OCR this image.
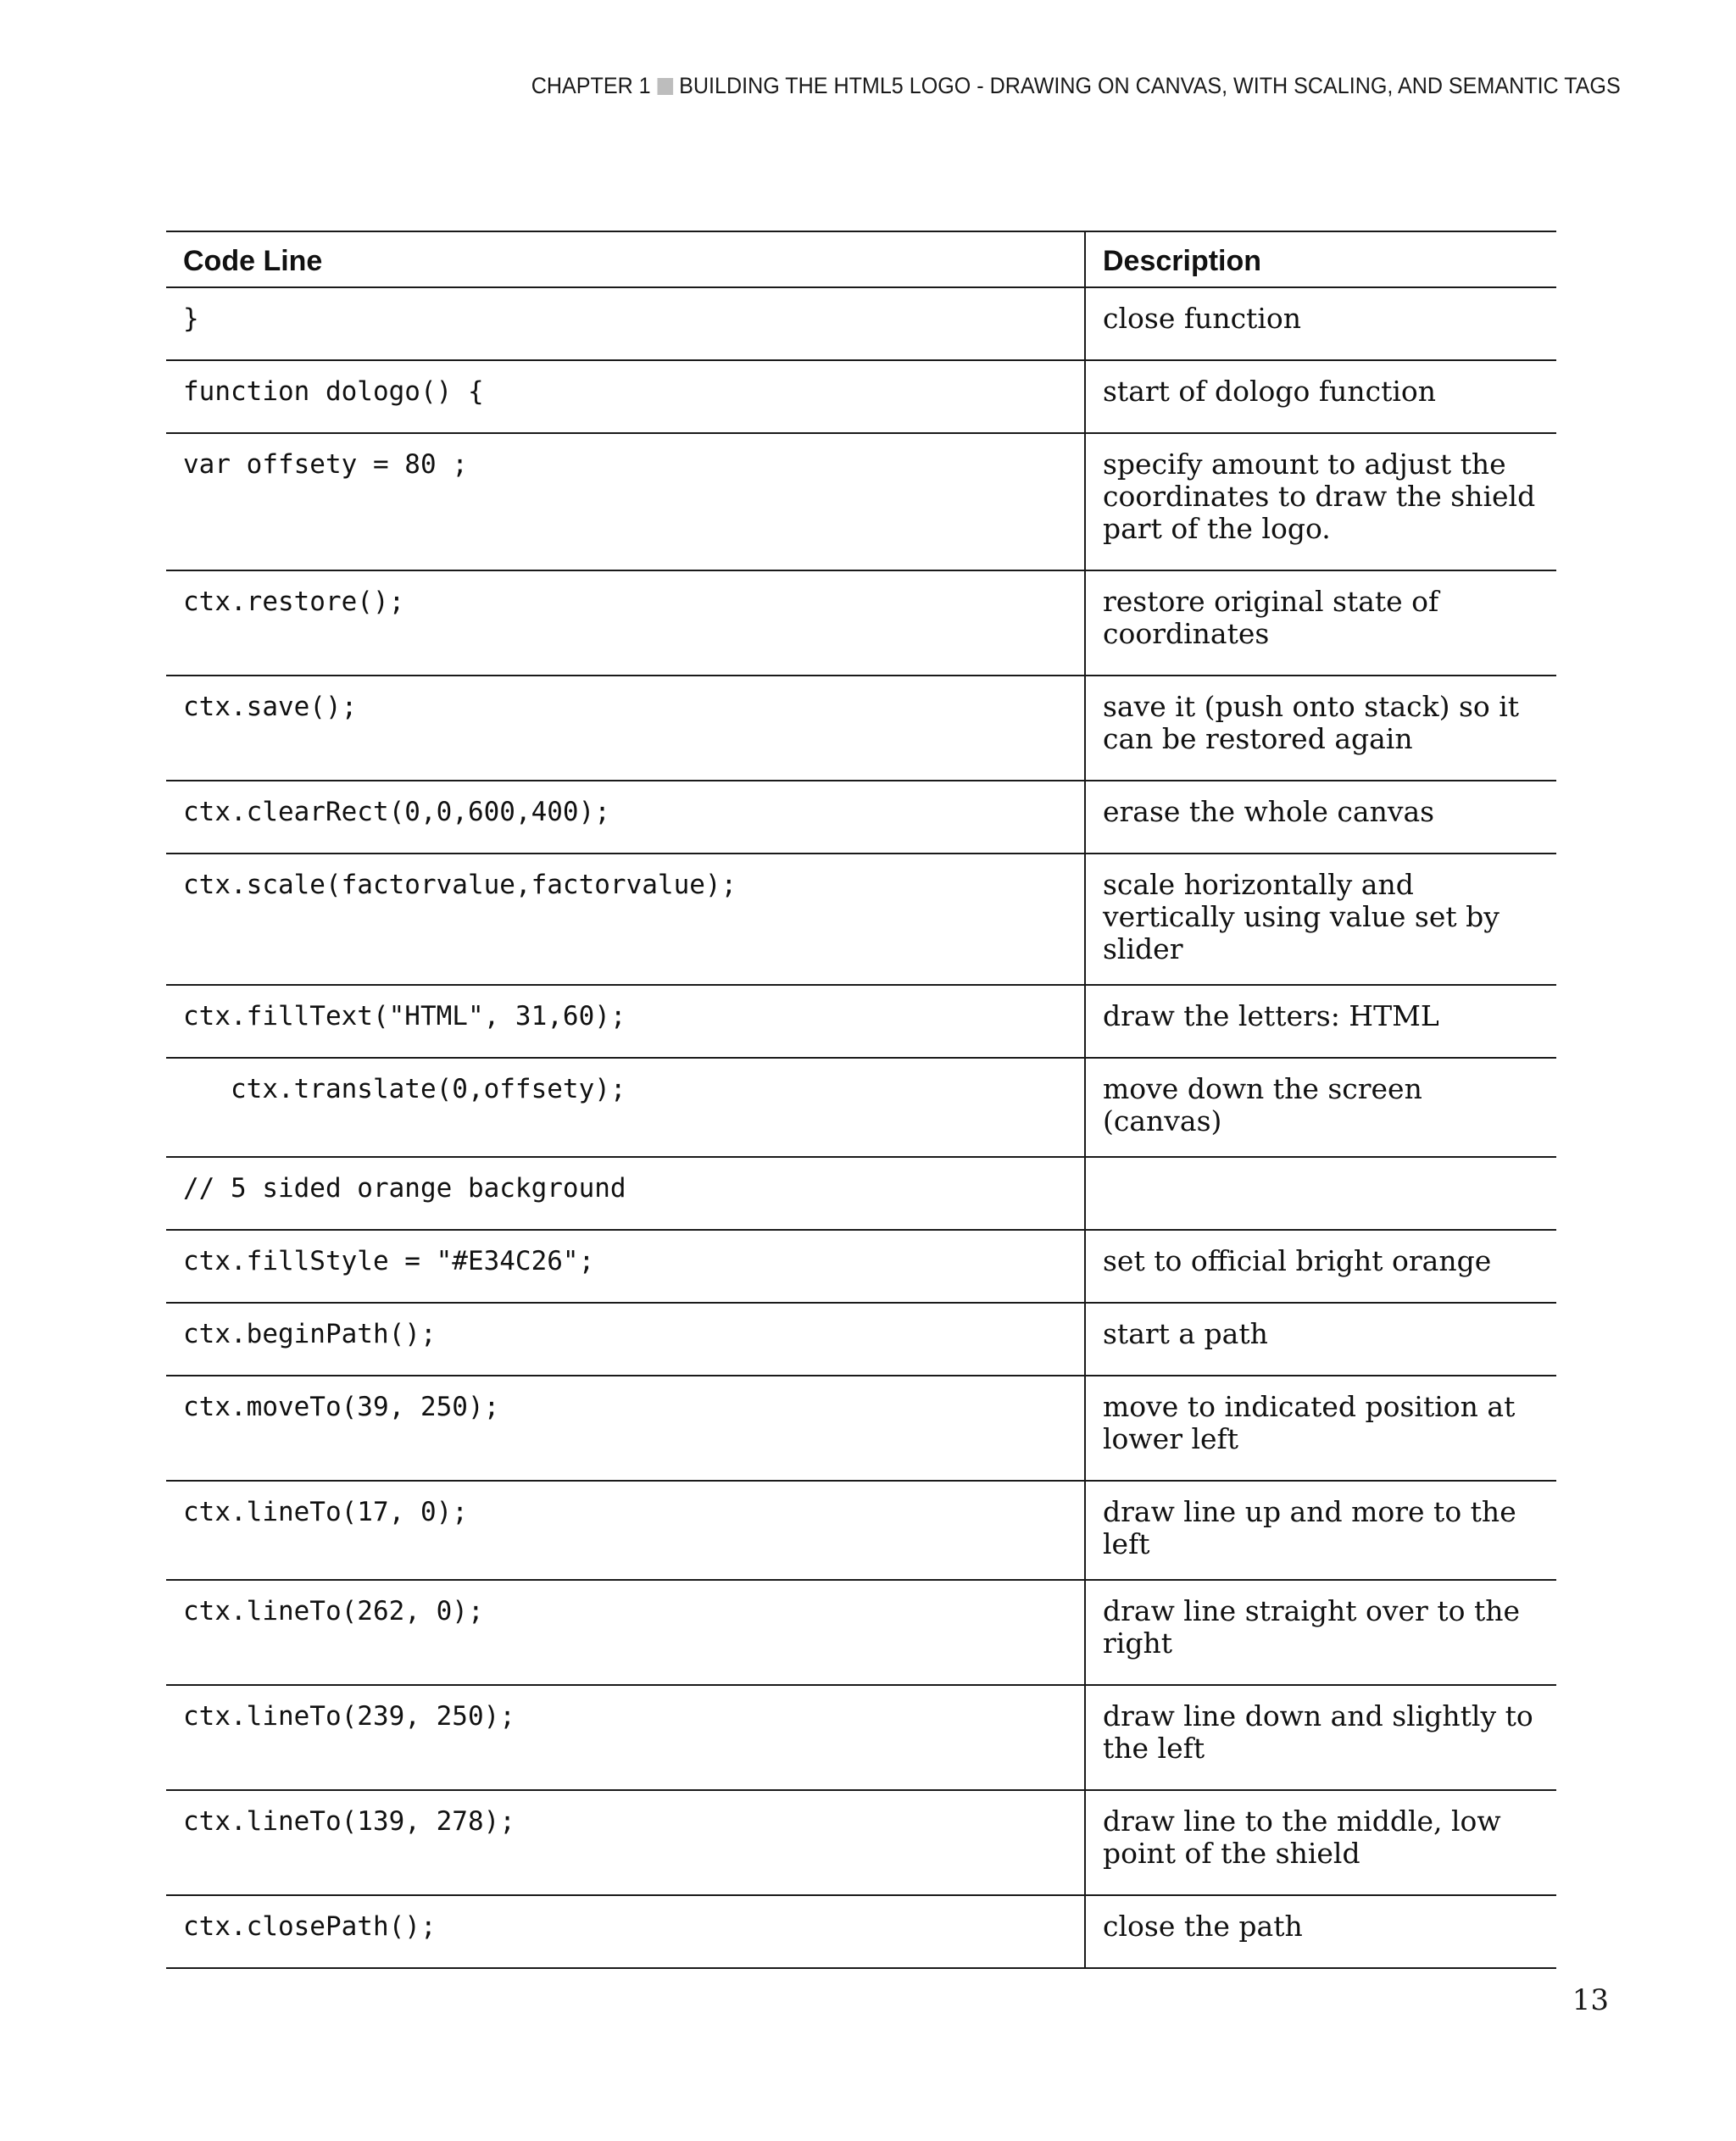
CHAPTER 1 BUILDING THE HTML5 LOGO - DRAWING ON CANVAS, WITH SCALING, AND SEMANTIC TAGS
Code Line	Description
}	close function
function dologo() {	start of dologo function
var offsety = 80 ;	specify amount to adjust the coordinates to draw the shield part of the logo.
ctx.restore();	restore original state of coordinates
ctx.save();	save it (push onto stack) so it can be restored again
ctx.clearRect(0,0,600,400);	erase the whole canvas
ctx.scale(factorvalue,factorvalue);	scale horizontally and vertically using value set by slider
ctx.fillText("HTML", 31,60);	draw the letters: HTML
ctx.translate(0,offsety);	move down the screen (canvas)
// 5 sided orange background	
ctx.fillStyle = "#E34C26";	set to official bright orange
ctx.beginPath();	start a path
ctx.moveTo(39, 250);	move to indicated position at lower left
ctx.lineTo(17, 0);	draw line up and more to the left
ctx.lineTo(262, 0);	draw line straight over to the right
ctx.lineTo(239, 250);	draw line down and slightly to the left
ctx.lineTo(139, 278);	draw line to the middle, low point of the shield
ctx.closePath();	close the path
13
